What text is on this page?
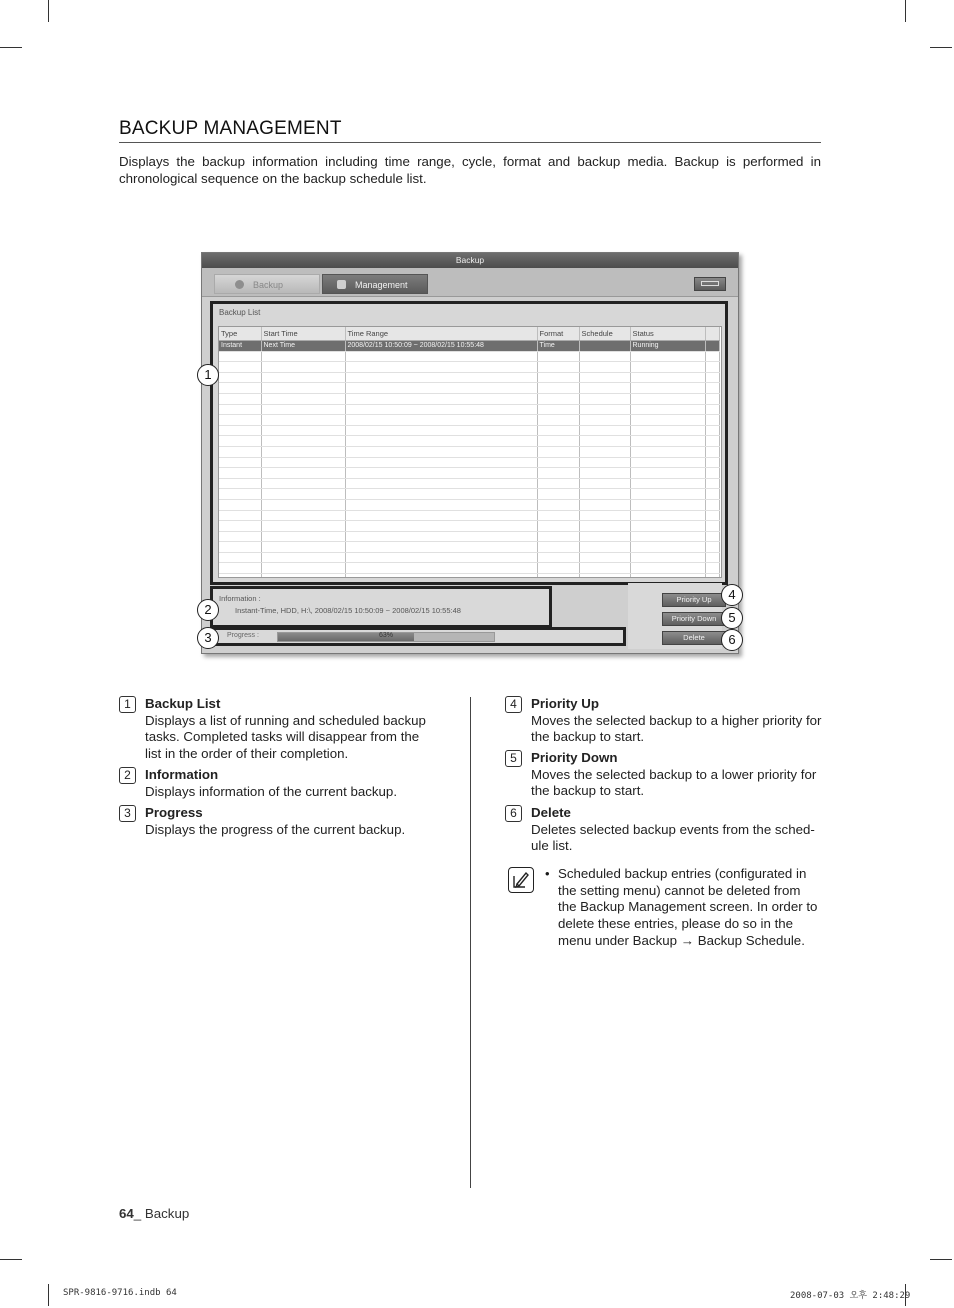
BACKUP MANAGEMENT
Displays the backup information including time range, cycle, format and backup media. Backup is performed in chronological sequence on the backup schedule list.
Backup
Backup	Management
Backup List
Type	Start Time	Time Range	Format	Schedule	Status	
Instant	Next Time	2008/02/15 10:50:09 ~ 2008/02/15 10:55:48	Time		Running	

Information :
Instant-Time, HDD, H:\, 2008/02/15 10:50:09 ~ 2008/02/15 10:55:48
Progress :	63%
Priority Up
Priority Down
Delete
1
2
3
4
5
6
1	Backup List
Displays a list of running and scheduled backup tasks. Completed tasks will disappear from the list in the order of their completion.
2	Information
Displays information of the current backup.
3	Progress
Displays the progress of the current backup.
4	Priority Up
Moves the selected backup to a higher priority for the backup to start.
5	Priority Down
Moves the selected backup to a lower priority for the backup to start.
6	Delete
Deletes selected backup events from the sched-ule list.
• Scheduled backup entries (configurated in the setting menu) cannot be deleted from the Backup Management screen. In order to delete these entries, please do so in the menu under Backup → Backup Schedule.
64_ Backup
SPR-9816-9716.indb 64	2008-07-03 오후 2:48:29
